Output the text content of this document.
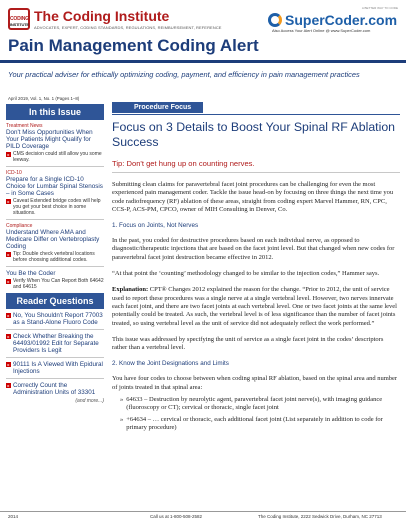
CODING
INSTITUTE
The Coding Institute
ADVOCATES, EXPERT, CODING STANDARDS, REGULATIONS, REIMBURSEMENT, REFERENCE
A BETTER WAY TO CODE
SuperCoder.com
Also Access Your Alert Online @ www.SuperCoder.com
Pain Management Coding Alert
Your practical adviser for ethically optimizing coding, payment, and efficiency in pain management practices
April 2019, Vol. 1, No. 1 (Pages 1–8)
In this Issue
Treatment News
Don't Miss Opportunities When Your Patients Might Qualify for PILD Coverage
▸ CMS decision could still allow you some leeway.
ICD-10
Prepare for a Single ICD-10 Choice for Lumbar Spinal Stenosis – in Some Cases
▸ Caveat Extended bridge codes will help you get your best choice in some situations.
Compliance
Understand Where AMA and Medicare Differ on Vertebroplasty Coding
▸ Tip: Double check vertebral locations before choosing additional codes.
You Be the Coder
▸ Verify When You Can Report Both 64642 and 64615
Reader Questions
▸ No, You Shouldn't Report 77003 as a Stand-Alone Fluoro Code
▸ Check Whether Breaking the 64493/01992 Edit for Separate Providers Is Legit
▸ 90111 Is A Viewed With Epidural Injections
▸ Correctly Count the Administration Units of 33301
(and more...)
Procedure Focus
Focus on 3 Details to Boost Your Spinal RF Ablation Success
Tip: Don't get hung up on counting nerves.
Submitting clean claims for paravertebral facet joint procedures can be challenging for even the most experienced pain management coder. Tackle the issue head-on by focusing on three things the next time you code radiofrequency (RF) ablation of these areas, straight from coding expert Marvel Hammer, RN, CPC, CCS-P, ACS-PM, CPCO, owner of MIH Consulting in Denver, Co.
1. Focus on Joints, Not Nerves
In the past, you coded for destructive procedures based on each individual nerve, as opposed to diagnostic/therapeutic injections that are based on the facet joint level. But that changed when new codes for paravertebral facet joint destruction became effective in 2012.
“At that point the ‘counting’ methodology changed to be similar to the injection codes,” Hammer says.
Explanation: CPT® Changes 2012 explained the reason for the change. “Prior to 2012, the unit of service used to report these procedures was a single nerve at a single vertebral level. However, two nerves innervate each facet joint, and there are two facet joints at each vertebral level. One or two facet joints at the same level potentially could be treated. As such, the vertebral level is of less significance than the number of facet joints treated, so using vertebral level as the unit of service did not adequately reflect the work performed.”
This issue was addressed by specifying the unit of service as a single facet joint in the codes’ descriptors rather than a vertebral level.
2. Know the Joint Designations and Limits
You have four codes to choose between when coding spinal RF ablation, based on the spinal area and number of joints treated in that spinal area:
» 64633 – Destruction by neurolytic agent, paravertebral facet joint nerve(s), with imaging guidance (fluoroscopy or CT); cervical or thoracic, single facet joint
» +64634 – … cervical or thoracic, each additional facet joint (List separately in addition to code for primary procedure)
2014	Call us at 1-800-508-2582	The Coding Institute, 2222 Sedwick Drive, Durham, NC 27713
